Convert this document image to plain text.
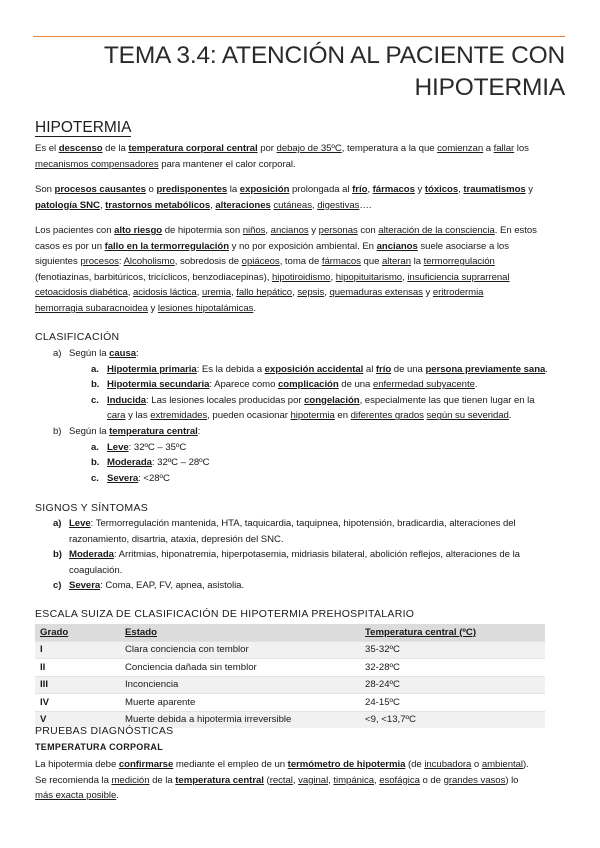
TEMA 3.4: ATENCIÓN AL PACIENTE CON
HIPOTERMIA
HIPOTERMIA

Es el descenso de la temperatura corporal central por debajo de 35ºC, temperatura a la que comienzan a fallar los

mecanismos compensadores para mantener el calor corporal.

Son procesos causantes o predisponentes la exposición prolongada al frío, fármacos y tóxicos, traumatismos y

patología SNC, trastornos metabólicos, alteraciones cutáneas, digestivas….

Los pacientes con alto riesgo de hipotermia son niños, ancianos y personas con alteración de la consciencia. En estos

casos es por un fallo en la termorregulación y no por exposición ambiental. En ancianos suele asociarse a los

siguientes procesos: Alcoholismo, sobredosis de opiáceos, toma de fármacos que alteran la termorregulación

(fenotiazinas, barbitúricos, tricíclicos, benzodiacepinas), hipotiroidismo, hipopituitarismo, insuficiencia suprarrenal

cetoacidosis diabética, acidosis láctica, uremia, fallo hepático, sepsis, quemaduras extensas y eritrodermia

hemorragia subaracnoidea y lesiones hipotalámicas.

CLASIFICACIÓN

a) Según la causa:

a. Hipotermia primaria: Es la debida a exposición accidental al frío de una persona previamente sana.

b. Hipotermia secundaria: Aparece como complicación de una enfermedad subyacente.

c. Inducida: Las lesiones locales producidas por congelación, especialmente las que tienen lugar en la

cara y las extremidades, pueden ocasionar hipotermia en diferentes grados según su severidad.

b) Según la temperatura central:

a. Leve: 32ºC – 35ºC

b. Moderada: 32ºC – 28ºC

c. Severa: <28ºC

SIGNOS Y SÍNTOMAS

a) Leve: Termorregulación mantenida, HTA, taquicardia, taquipnea, hipotensión, bradicardia, alteraciones del

razonamiento, disartria, ataxia, depresión del SNC.

b) Moderada: Arritmias, hiponatremia, hiperpotasemia, midriasis bilateral, abolición reflejos, alteraciones de la

coagulación.

c) Severa: Coma, EAP, FV, apnea, asistolia.

ESCALA SUIZA DE CLASIFICACIÓN DE HIPOTERMIA PREHOSPITALARIO
Grado	Estado	Temperatura central (ºC)
I	Clara conciencia con temblor	35-32ºC
II	Conciencia dañada sin temblor	32-28ºC
III	Inconciencia	28-24ºC
IV	Muerte aparente	24-15ºC
V	Muerte debida a hipotermia irreversible	<9, <13,7ºC
PRUEBAS DIAGNÓSTICAS
TEMPERATURA CORPORAL

La hipotermia debe confirmarse mediante el empleo de un termómetro de hipotermia (de incubadora o ambiental).

Se recomienda la medición de la temperatura central (rectal, vaginal, timpánica, esofágica o de grandes vasos) lo

más exacta posible.
